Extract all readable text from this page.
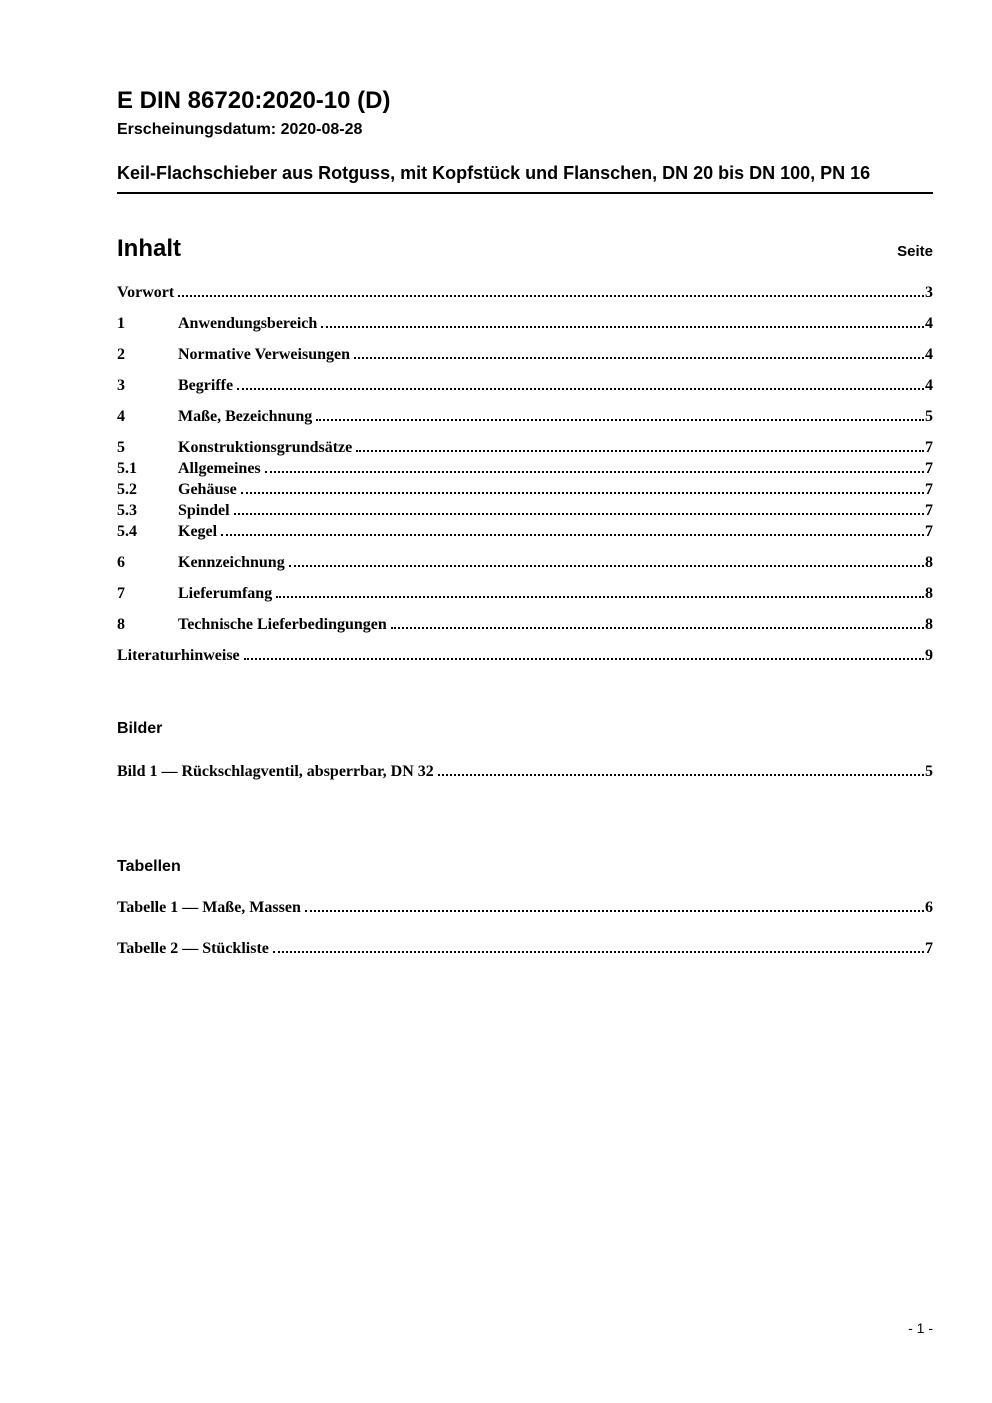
E DIN 86720:2020-10 (D)
Erscheinungsdatum: 2020-08-28
Keil-Flachschieber aus Rotguss, mit Kopfstück und Flanschen, DN 20 bis DN 100, PN 16
Inhalt	Seite
Vorwort	3
1	Anwendungsbereich	4
2	Normative Verweisungen	4
3	Begriffe	4
4	Maße, Bezeichnung	5
5	Konstruktionsgrundsätze	7
5.1	Allgemeines	7
5.2	Gehäuse	7
5.3	Spindel	7
5.4	Kegel	7
6	Kennzeichnung	8
7	Lieferumfang	8
8	Technische Lieferbedingungen	8
Literaturhinweise	9
Bilder
Bild 1 — Rückschlagventil, absperrbar, DN 32	5
Tabellen
Tabelle 1 — Maße, Massen	6
Tabelle 2 — Stückliste	7
- 1 -
